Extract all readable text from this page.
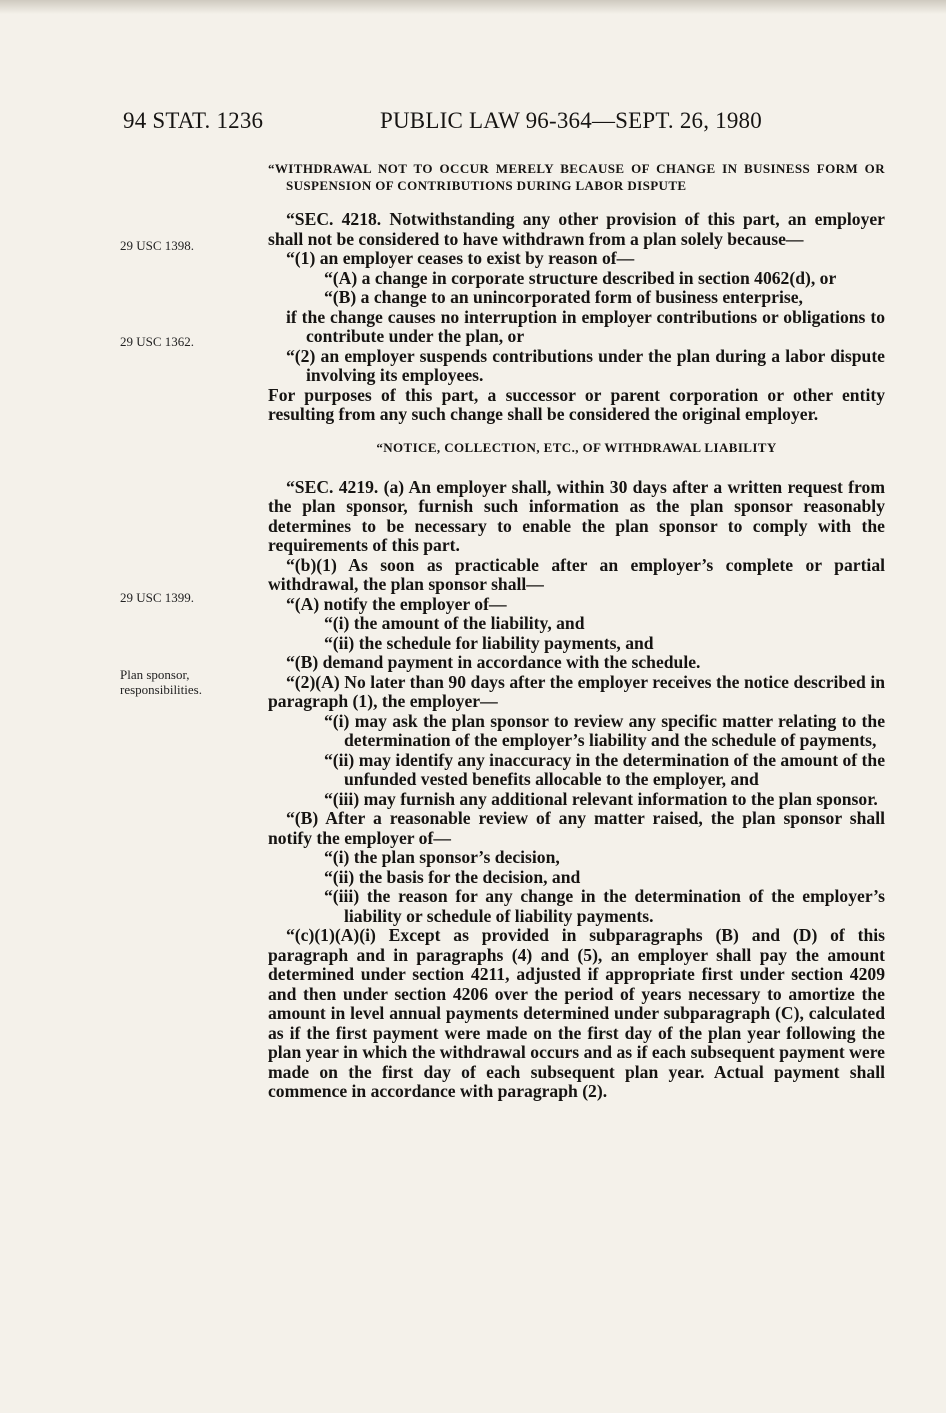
94 STAT. 1236	PUBLIC LAW 96-364—SEPT. 26, 1980
29 USC 1398.
29 USC 1362.
29 USC 1399.
Plan sponsor,
responsibilities.

“WITHDRAWAL NOT TO OCCUR MERELY BECAUSE OF CHANGE IN BUSINESS FORM OR SUSPENSION OF CONTRIBUTIONS DURING LABOR DISPUTE

“SEC. 4218. Notwithstanding any other provision of this part, an employer shall not be considered to have withdrawn from a plan solely because—

“(1) an employer ceases to exist by reason of—

“(A) a change in corporate structure described in section 4062(d), or

“(B) a change to an unincorporated form of business enterprise,

if the change causes no interruption in employer contributions or obligations to contribute under the plan, or

“(2) an employer suspends contributions under the plan during a labor dispute involving its employees.

For purposes of this part, a successor or parent corporation or other entity resulting from any such change shall be considered the original employer.

“NOTICE, COLLECTION, ETC., OF WITHDRAWAL LIABILITY

“SEC. 4219. (a) An employer shall, within 30 days after a written request from the plan sponsor, furnish such information as the plan sponsor reasonably determines to be necessary to enable the plan sponsor to comply with the requirements of this part.

“(b)(1) As soon as practicable after an employer’s complete or partial withdrawal, the plan sponsor shall—

“(A) notify the employer of—

“(i) the amount of the liability, and

“(ii) the schedule for liability payments, and

“(B) demand payment in accordance with the schedule.

“(2)(A) No later than 90 days after the employer receives the notice described in paragraph (1), the employer—

“(i) may ask the plan sponsor to review any specific matter relating to the determination of the employer’s liability and the schedule of payments,

“(ii) may identify any inaccuracy in the determination of the amount of the unfunded vested benefits allocable to the employer, and

“(iii) may furnish any additional relevant information to the plan sponsor.

“(B) After a reasonable review of any matter raised, the plan sponsor shall notify the employer of—

“(i) the plan sponsor’s decision,

“(ii) the basis for the decision, and

“(iii) the reason for any change in the determination of the employer’s liability or schedule of liability payments.

“(c)(1)(A)(i) Except as provided in subparagraphs (B) and (D) of this paragraph and in paragraphs (4) and (5), an employer shall pay the amount determined under section 4211, adjusted if appropriate first under section 4209 and then under section 4206 over the period of years necessary to amortize the amount in level annual payments determined under subparagraph (C), calculated as if the first payment were made on the first day of the plan year following the plan year in which the withdrawal occurs and as if each subsequent payment were made on the first day of each subsequent plan year. Actual payment shall commence in accordance with paragraph (2).
